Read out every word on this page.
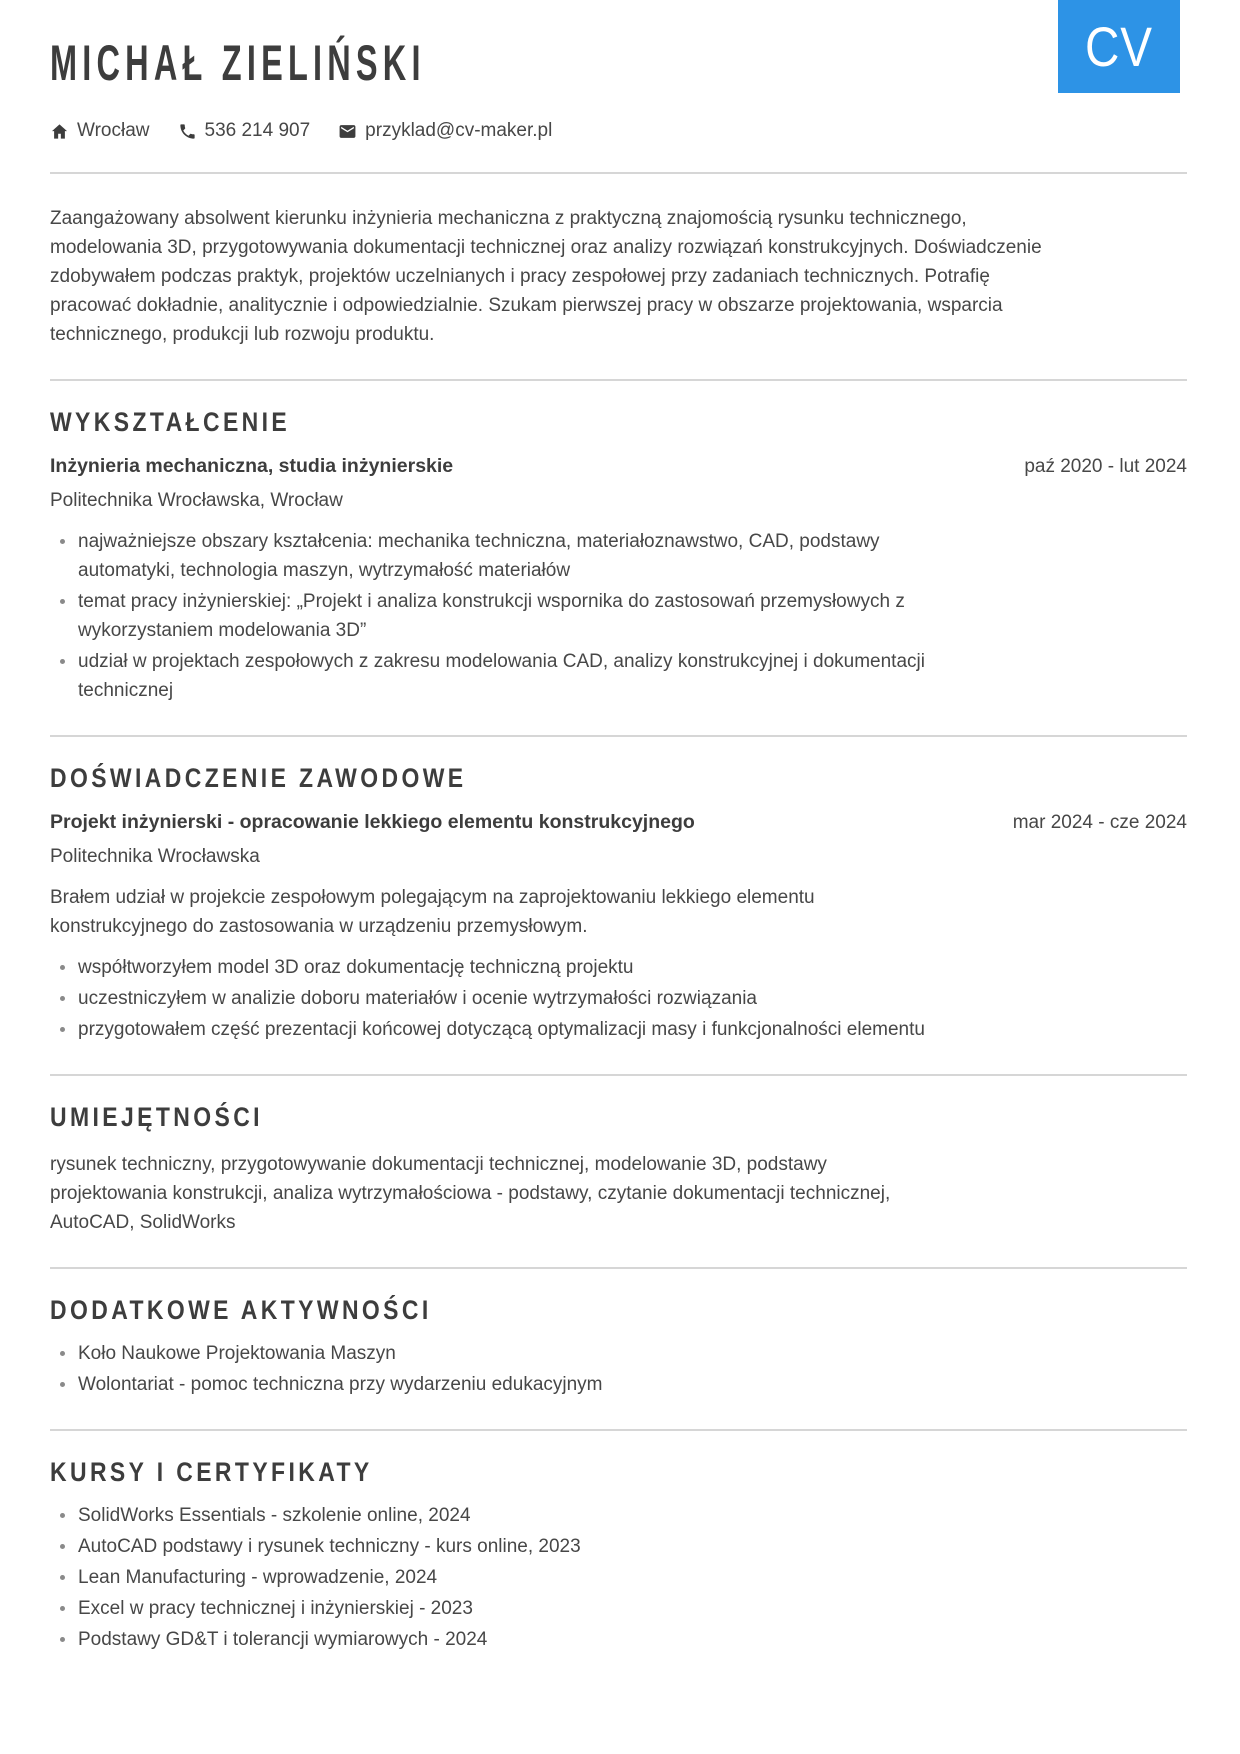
CV
MICHAŁ ZIELIŃSKI
Wrocław	536 214 907	przyklad@cv-maker.pl

Zaangażowany absolwent kierunku inżynieria mechaniczna z praktyczną znajomością rysunku technicznego, modelowania 3D, przygotowywania dokumentacji technicznej oraz analizy rozwiązań konstrukcyjnych. Doświadczenie zdobywałem podczas praktyk, projektów uczelnianych i pracy zespołowej przy zadaniach technicznych. Potrafię pracować dokładnie, analitycznie i odpowiedzialnie. Szukam pierwszej pracy w obszarze projektowania, wsparcia technicznego, produkcji lub rozwoju produktu.

WYKSZTAŁCENIE
Inżynieria mechaniczna, studia inżynierskie	paź 2020 - lut 2024
Politechnika Wrocławska, Wrocław
najważniejsze obszary kształcenia: mechanika techniczna, materiałoznawstwo, CAD, podstawy automatyki, technologia maszyn, wytrzymałość materiałów
temat pracy inżynierskiej: „Projekt i analiza konstrukcji wspornika do zastosowań przemysłowych z wykorzystaniem modelowania 3D”
udział w projektach zespołowych z zakresu modelowania CAD, analizy konstrukcyjnej i dokumentacji technicznej
DOŚWIADCZENIE ZAWODOWE
Projekt inżynierski - opracowanie lekkiego elementu konstrukcyjnego	mar 2024 - cze 2024
Politechnika Wrocławska

Brałem udział w projekcie zespołowym polegającym na zaprojektowaniu lekkiego elementu konstrukcyjnego do zastosowania w urządzeniu przemysłowym.

współtworzyłem model 3D oraz dokumentację techniczną projektu
uczestniczyłem w analizie doboru materiałów i ocenie wytrzymałości rozwiązania
przygotowałem część prezentacji końcowej dotyczącą optymalizacji masy i funkcjonalności elementu
UMIEJĘTNOŚCI

rysunek techniczny, przygotowywanie dokumentacji technicznej, modelowanie 3D, podstawy projektowania konstrukcji, analiza wytrzymałościowa - podstawy, czytanie dokumentacji technicznej, AutoCAD, SolidWorks

DODATKOWE AKTYWNOŚCI
Koło Naukowe Projektowania Maszyn
Wolontariat - pomoc techniczna przy wydarzeniu edukacyjnym
KURSY I CERTYFIKATY
SolidWorks Essentials - szkolenie online, 2024
AutoCAD podstawy i rysunek techniczny - kurs online, 2023
Lean Manufacturing - wprowadzenie, 2024
Excel w pracy technicznej i inżynierskiej - 2023
Podstawy GD&T i tolerancji wymiarowych - 2024
